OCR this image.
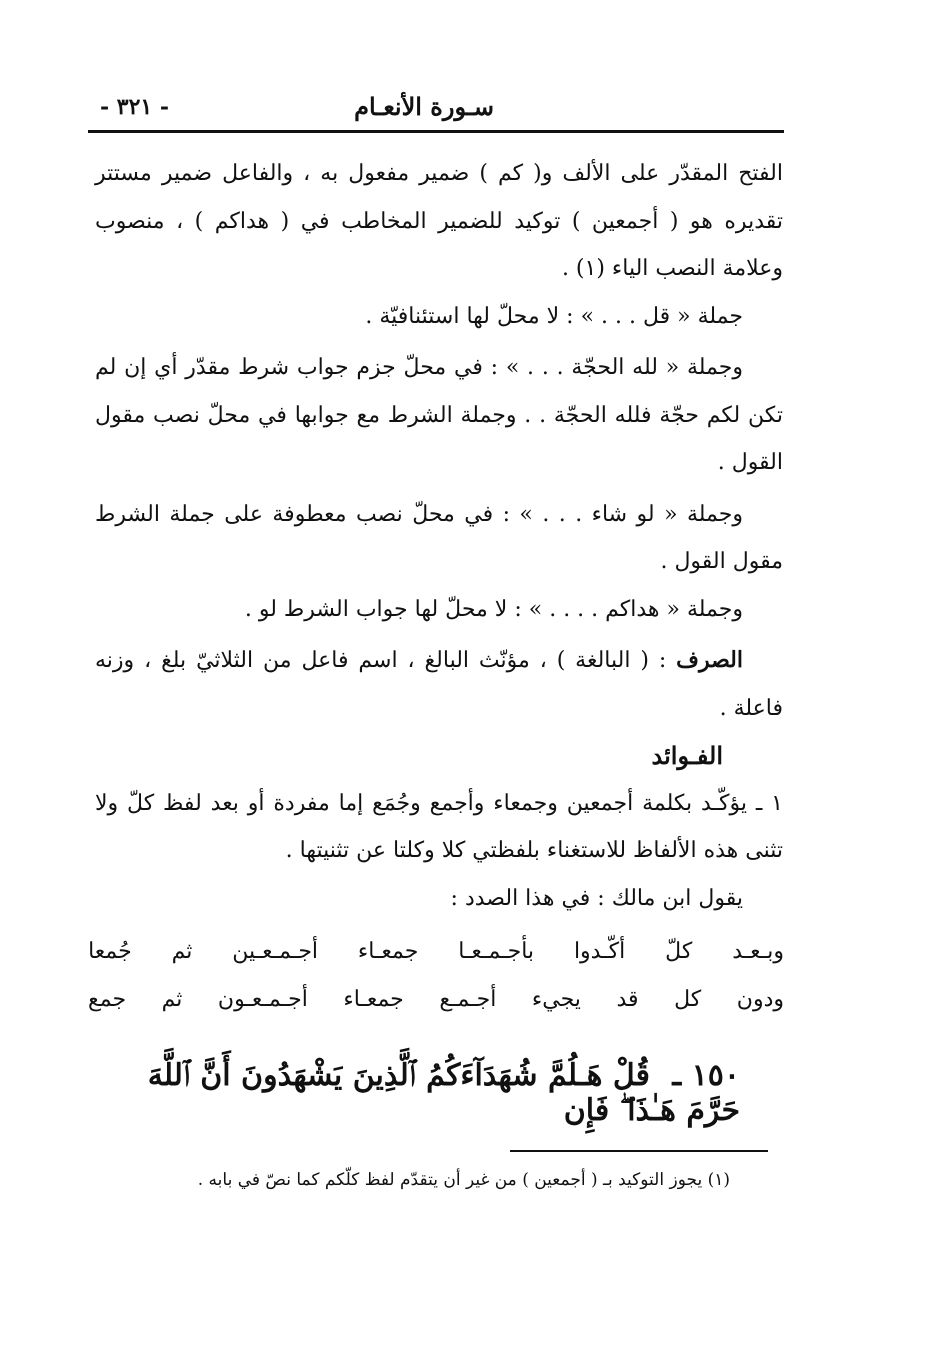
سـورة الأنعـام
- ٣٢١ -

الفتح المقدّر على الألف و( كم ) ضمير مفعول به ، والفاعل ضمير مستتر تقديره هو ( أجمعين ) توكيد للضمير المخاطب في ( هداكم ) ، منصوب وعلامة النصب الياء (١) .

جملة « قل . . . » : لا محلّ لها استئنافيّة .

وجملة « لله الحجّة . . . » : في محلّ جزم جواب شرط مقدّر أي إن لم تكن لكم حجّة فلله الحجّة . . وجملة الشرط مع جوابها في محلّ نصب مقول القول .

وجملة « لو شاء . . . » : في محلّ نصب معطوفة على جملة الشرط مقول القول .

وجملة « هداكم . . . . » : لا محلّ لها جواب الشرط لو .

الصرف : ( البالغة ) ، مؤنّث البالغ ، اسم فاعل من الثلاثيّ بلغ ، وزنه فاعلة .

الفـوائد

١ ـ يؤكّـد بكلمة أجمعين وجمعاء وأجمع وجُمَع إما مفردة أو بعد لفظ كلّ ولا تثنى هذه الألفاظ للاستغناء بلفظتي كلا وكلتا عن تثنيتها .

يقول ابن مالك : في هذا الصدد :

وبـعـد
كلّ
أكّـدوا
بأجـمـعـا
جمعـاء
أجـمـعـين
ثم
جُمعا
ودون
كل
قد
يجيء
أجـمـع
جمعـاء
أجـمـعـون
ثم
جمع
١٥٠ ـ قُلْ هَـلُمَّ شُهَدَآءَكُمُ ٱلَّذِينَ يَشْهَدُونَ أَنَّ ٱللَّهَ حَرَّمَ هَـٰذَا ۖ فَإِن
(١) يجوز التوكيد بـ ( أجمعين ) من غير أن يتقدّم لفظ كلّكم كما نصّ في بابه .
